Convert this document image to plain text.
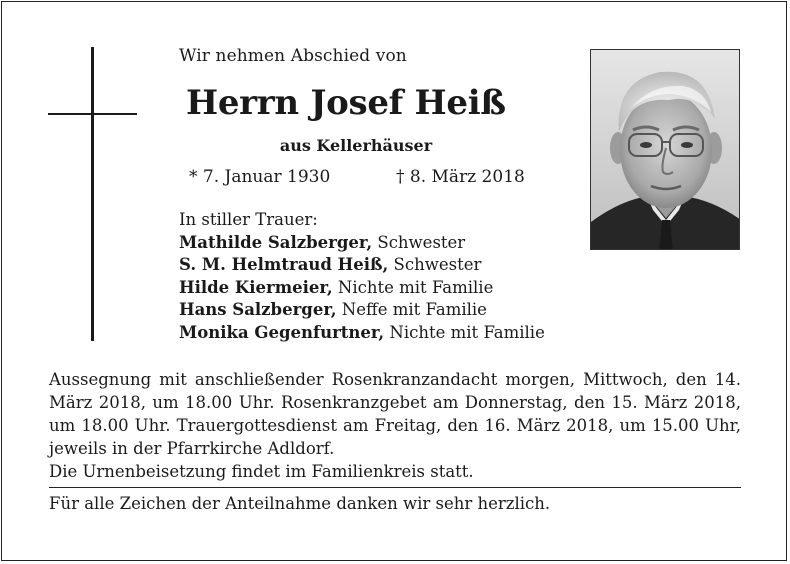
Wir nehmen Abschied von
Herrn Josef Heiß
aus Kellerhäuser
* 7. Januar 1930	† 8. März 2018
In stiller Trauer:
Mathilde Salzberger, Schwester
S. M. Helmtraud Heiß, Schwester
Hilde Kiermeier, Nichte mit Familie
Hans Salzberger, Neffe mit Familie
Monika Gegenfurtner, Nichte mit Familie

Aussegnung mit anschließender Rosenkranzandacht morgen, Mittwoch, den 14. März 2018, um 18.00 Uhr. Rosenkranzgebet am Donnerstag, den 15. März 2018, um 18.00 Uhr. Trauergottesdienst am Freitag, den 16. März 2018, um 15.00 Uhr, jeweils in der Pfarrkirche Adldorf.

Die Urnenbeisetzung findet im Familienkreis statt.

Für alle Zeichen der Anteilnahme danken wir sehr herzlich.
